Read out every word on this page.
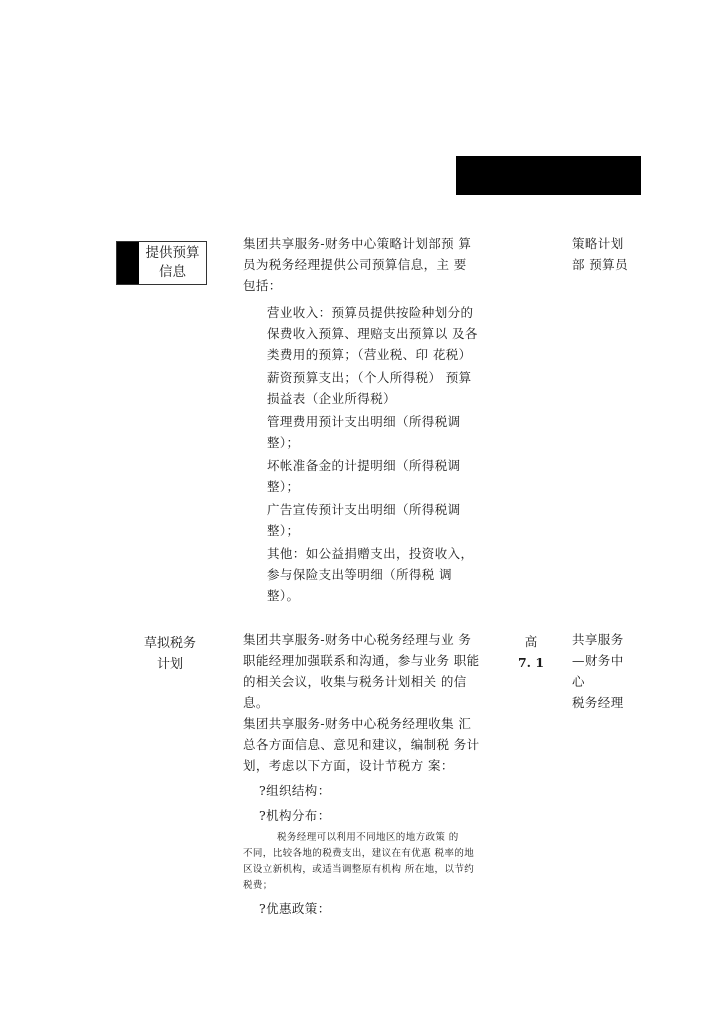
提供预算
信息
集团共享服务-财务中心策略计划部预 算员为税务经理提供公司预算信息，主 要包括：
营业收入：预算员提供按险种划分的保费收入预算、理赔支出预算以 及各类费用的预算；（营业税、印 花税）
薪资预算支出；（个人所得税） 预算损益表（企业所得税）
管理费用预计支出明细（所得税调整）；
坏帐准备金的计提明细（所得税调整）；
广告宣传预计支出明细（所得税调整）；
其他：如公益捐赠支出，投资收入，参与保险支出等明细（所得税 调整）。
策略计划部 预算员
草拟税务
计划
集团共享服务-财务中心税务经理与业 务职能经理加强联系和沟通，参与业务 职能的相关会议，收集与税务计划相关 的信息。
集团共享服务-财务中心税务经理收集 汇总各方面信息、意见和建议，编制税 务计划，考虑以下方面，设计节税方 案：
?组织结构：
?机构分布：
税务经理可以利用不同地区的地方政策 的
不同，比较各地的税费支出，建议在有优惠 税率的地区设立新机构，或适当调整原有机构 所在地，以节约税费；
?优惠政策：
高
7. 1
共享服务
—财务中
心
税务经理
